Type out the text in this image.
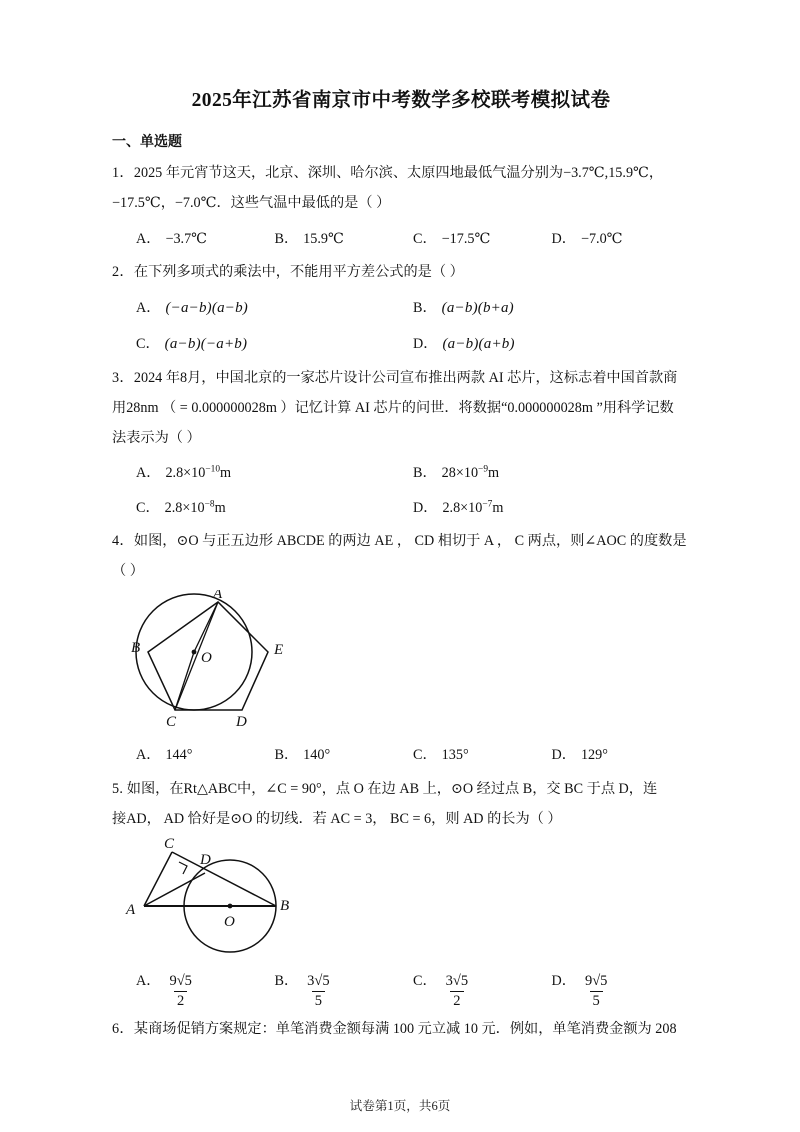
2025年江苏省南京市中考数学多校联考模拟试卷
一、单选题

1．2025 年元宵节这天，北京、深圳、哈尔滨、太原四地最低气温分别为−3.7℃,15.9℃，

−17.5℃，−7.0℃．这些气温中最低的是（ ）

A． −3.7℃	B． 15.9℃	C． −17.5℃	D． −7.0℃

2．在下列多项式的乘法中，不能用平方差公式的是（ ）

A． (−a−b)(a−b)	B． (a−b)(b+a)
C． (a−b)(−a+b)	D． (a−b)(a+b)

3．2024 年8月，中国北京的一家芯片设计公司宣布推出两款 AI 芯片，这标志着中国首款商

用28nm （ = 0.000000028m ）记忆计算 AI 芯片的问世．将数据“0.000000028m ”用科学记数

法表示为（ ）

A． $2.8\times 10^{-10}m$	B． $28\times 10^{-9}m$
C． $2.8\times 10^{-8}m$	D． $2.8\times 10^{-7}m$

4．如图，⊙O 与正五边形 ABCDE 的两边 AE ， CD 相切于 A ， C 两点，则∠AOC 的度数是

（ ）

A
B
O	E
C	D
A． 144°	B． 140°	C． 135°	D． 129°

5. 如图，在Rt△ABC中，∠C = 90°，点 O 在边 AB 上，⊙O 经过点 B，交 BC 于点 D，连

接AD， AD 恰好是⊙O 的切线．若 AC = 3， BC = 6，则 AD 的长为（ ）

C
D
A
O
B
A． $\frac{9√5}{2}$	B． $\frac{3√5}{5}$	C． $\frac{3√5}{2}$	D． $\frac{9√5}{5}$

6．某商场促销方案规定：单笔消费金额每满 100 元立减 10 元．例如，单笔消费金额为 208

试卷第1页，共6页
